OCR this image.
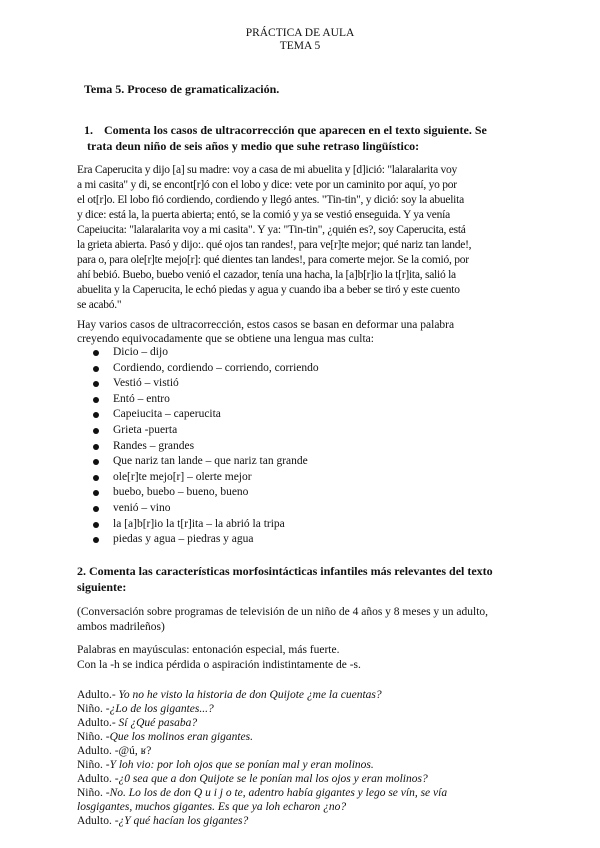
PRÁCTICA DE AULA
TEMA 5
Tema 5. Proceso de gramaticalización.
1. Comenta los casos de ultracorrección que aparecen en el texto siguiente. Se
trata deun niño de seis años y medio que suhe retraso lingüístico:
Era Caperucita y dijo [a] su madre: voy a casa de mi abuelita y [d]ició: "lalaralarita voy
a mi casita" y di, se encont[r]ó con el lobo y dice: vete por un caminito por aquí, yo por
el ot[r]o. El lobo fió cordiendo, cordiendo y llegó antes. "Tin-tin", y dició: soy la abuelita
y dice: está la, la puerta abierta; entó, se la comió y ya se vestió enseguida. Y ya venía
Capeiucita: "lalaralarita voy a mi casita". Y ya: "Tin-tin", ¿quién es?, soy Caperucita, está
la grieta abierta. Pasó y dijo:. qué ojos tan randes!, para ve[r]te mejor; qué nariz tan lande!,
para o, para ole[r]te mejo[r]: qué dientes tan landes!, para comerte mejor. Se la comió, por
ahí bebió. Buebo, buebo venió el cazador, tenía una hacha, la [a]b[r]io la t[r]ita, salió la
abuelita y la Caperucita, le echó piedas y agua y cuando iba a beber se tiró y este cuento
se acabó."
Hay varios casos de ultracorrección, estos casos se basan en deformar una palabra
creyendo equivocadamente que se obtiene una lengua mas culta:
Dicio – dijo
Cordiendo, cordiendo – corriendo, corriendo
Vestió – vistió
Entó – entro
Capeiucita – caperucita
Grieta -puerta
Randes – grandes
Que nariz tan lande – que nariz tan grande
ole[r]te mejo[r] – olerte mejor
buebo, buebo – bueno, bueno
venió – vino
la [a]b[r]io la t[r]ita – la abrió la tripa
piedas y agua – piedras y agua
2. Comenta las características morfosintácticas infantiles más relevantes del texto
siguiente:
(Conversación sobre programas de televisión de un niño de 4 años y 8 meses y un adulto,
ambos madrileños)
Palabras en mayúsculas: entonación especial, más fuerte.
Con la -h se indica pérdida o aspiración indistintamente de -s.
Adulto.- Yo no he visto la historia de don Quijote ¿me la cuentas?
Niño. -¿Lo de los gigantes...?
Adulto.- Sí ¿Qué pasaba?
Niño. -Que los molinos eran gigantes.
Adulto. -@ú, ʁ?
Niño. -Y loh vio: por loh ojos que se ponían mal y eran molinos.
Adulto. -¿0 sea que a don Quijote se le ponían mal los ojos y eran molinos?
Niño. -No. Lo los de don Q u i j o te, adentro había gigantes y lego se vín, se vía
losgigantes, muchos gigantes. Es que ya loh echaron ¿no?
Adulto. -¿Y qué hacían los gigantes?
